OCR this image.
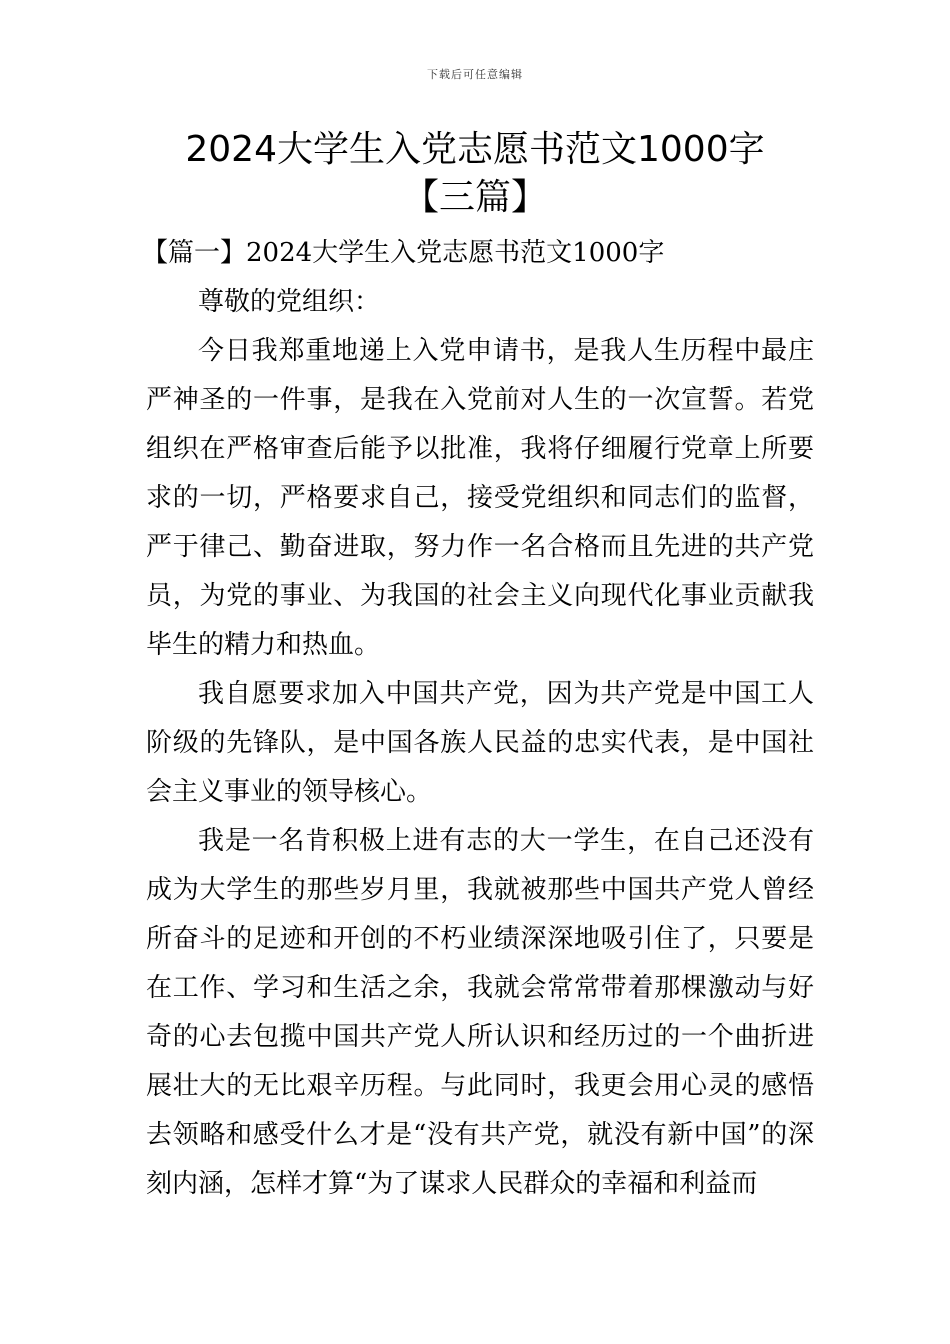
下载后可任意编辑
2024大学生入党志愿书范文1000字【三篇】

【篇一】2024大学生入党志愿书范文1000字

尊敬的党组织：

今日我郑重地递上入党申请书，是我人生历程中最庄严神圣的一件事，是我在入党前对人生的一次宣誓。若党组织在严格审查后能予以批准，我将仔细履行党章上所要求的一切，严格要求自己，接受党组织和同志们的监督，严于律己、勤奋进取，努力作一名合格而且先进的共产党员，为党的事业、为我国的社会主义向现代化事业贡献我毕生的精力和热血。

我自愿要求加入中国共产党，因为共产党是中国工人阶级的先锋队，是中国各族人民益的忠实代表，是中国社会主义事业的领导核心。

我是一名肯积极上进有志的大一学生，在自己还没有成为大学生的那些岁月里，我就被那些中国共产党人曾经所奋斗的足迹和开创的不朽业绩深深地吸引住了，只要是在工作、学习和生活之余，我就会常常带着那棵激动与好奇的心去包揽中国共产党人所认识和经历过的一个曲折进展壮大的无比艰辛历程。与此同时，我更会用心灵的感悟去领略和感受什么才是“没有共产党，就没有新中国”的深刻内涵，怎样才算“为了谋求人民群众的幸福和利益而
